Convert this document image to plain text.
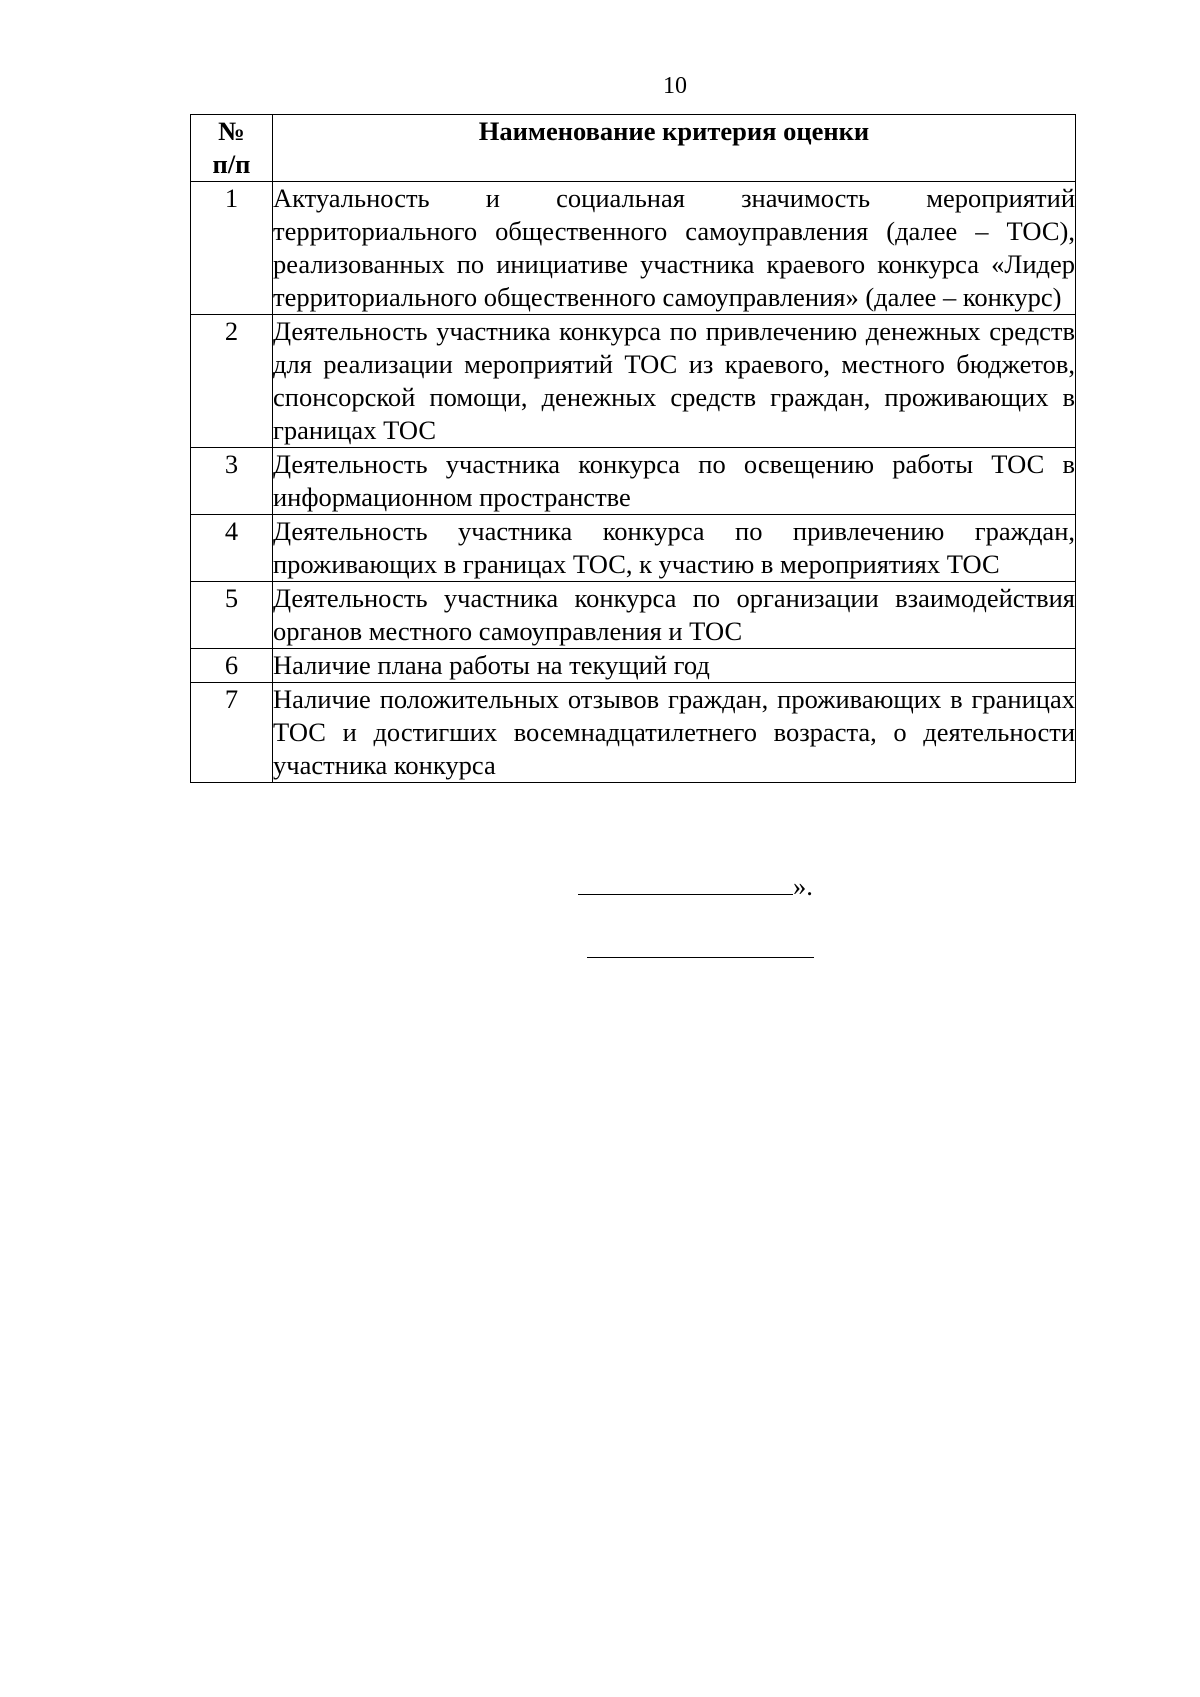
10
№
п/п	Наименование критерия оценки
1	Актуальность и социальная значимость мероприятий территориального общественного самоуправления (далее – ТОС), реализованных по инициативе участника краевого конкурса «Лидер территориального общественного самоуправления» (далее – конкурс)
2	Деятельность участника конкурса по привлечению денежных средств для реализации мероприятий ТОС из краевого, местного бюджетов, спонсорской помощи, денежных средств граждан, проживающих в границах ТОС
3	Деятельность участника конкурса по освещению работы ТОС в информационном пространстве
4	Деятельность участника конкурса по привлечению граждан, проживающих в границах ТОС, к участию в мероприятиях ТОС
5	Деятельность участника конкурса по организации взаимодействия органов местного самоуправления и ТОС
6	Наличие плана работы на текущий год
7	Наличие положительных отзывов граждан, проживающих в границах ТОС и достигших восемнадцатилетнего возраста, о деятельности участника конкурса
».
